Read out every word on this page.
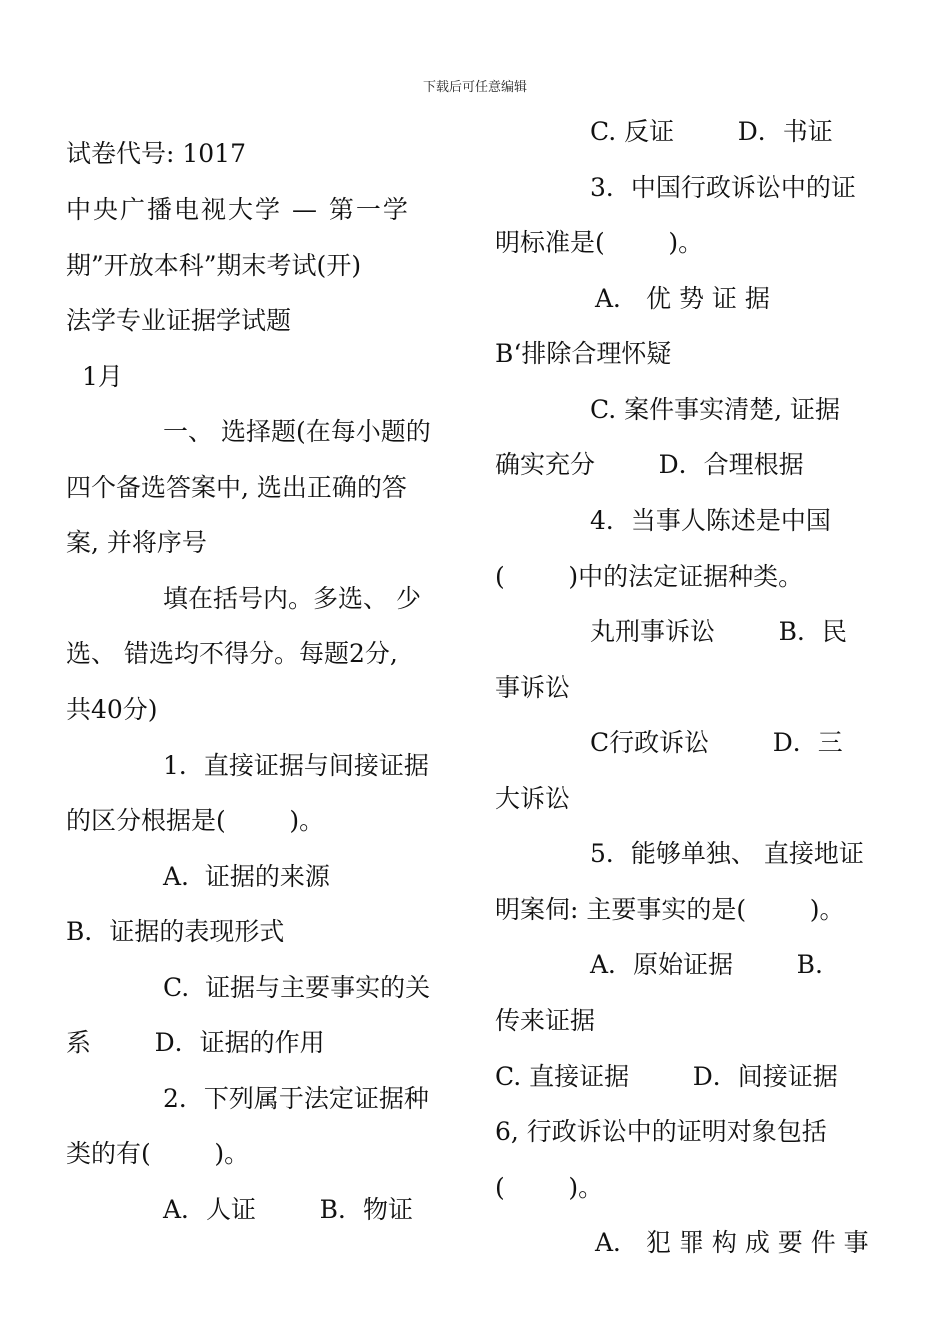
下载后可任意编辑
试卷代号: 1017
中央广播电视大学 — 第一学
期”开放本科”期末考试(开)
法学专业证据学试题
1月
一、 选择题(在每小题的
四个备选答案中, 选出正确的答
案, 并将序号
填在括号内。多选、 少
选、 错选均不得分。每题2分,
共40分)
1．直接证据与间接证据
的区分根据是(        )。
A.  证据的来源
B．证据的表现形式
C.  证据与主要事实的关
系        D．证据的作用
2．下列属于法定证据种
类的有(        )。
A．人证        B．物证
C. 反证        D．书证
3．中国行政诉讼中的证
明标准是(        )。
A． 优 势 证 据
B‘排除合理怀疑
C. 案件事实清楚, 证据
确实充分        D．合理根据
4．当事人陈述是中国
(        )中的法定证据种类。
丸刑事诉讼        B．民
事诉讼
C行政诉讼        D．三
大诉讼
5．能够单独、 直接地证
明案伺: 主要事实的是(        )。
A．原始证据        B.
传来证据
C. 直接证据        D．间接证据
6, 行政诉讼中的证明对象包括
(        )。
A． 犯 罪 构 成 要 件 事
